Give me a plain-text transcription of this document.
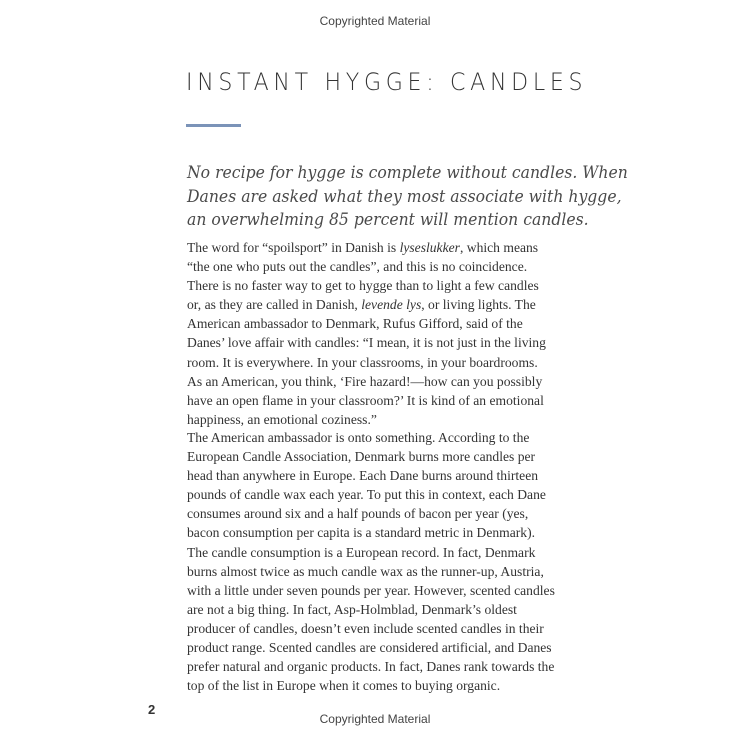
Copyrighted Material
INSTANT HYGGE: CANDLES
No recipe for hygge is complete without candles. When
Danes are asked what they most associate with hygge,
an overwhelming 85 percent will mention candles.
The word for “spoilsport” in Danish is lyseslukker, which means
“the one who puts out the candles”, and this is no coincidence.
There is no faster way to get to hygge than to light a few candles
or, as they are called in Danish, levende lys, or living lights. The
American ambassador to Denmark, Rufus Gifford, said of the
Danes’ love affair with candles: “I mean, it is not just in the living
room. It is everywhere. In your classrooms, in your boardrooms.
As an American, you think, ‘Fire hazard!—how can you possibly
have an open flame in your classroom?’ It is kind of an emotional
happiness, an emotional coziness.”
The American ambassador is onto something. According to the
European Candle Association, Denmark burns more candles per
head than anywhere in Europe. Each Dane burns around thirteen
pounds of candle wax each year. To put this in context, each Dane
consumes around six and a half pounds of bacon per year (yes,
bacon consumption per capita is a standard metric in Denmark).
The candle consumption is a European record. In fact, Denmark
burns almost twice as much candle wax as the runner-up, Austria,
with a little under seven pounds per year. However, scented candles
are not a big thing. In fact, Asp-Holmblad, Denmark’s oldest
producer of candles, doesn’t even include scented candles in their
product range. Scented candles are considered artificial, and Danes
prefer natural and organic products. In fact, Danes rank towards the
top of the list in Europe when it comes to buying organic.
2
Copyrighted Material
